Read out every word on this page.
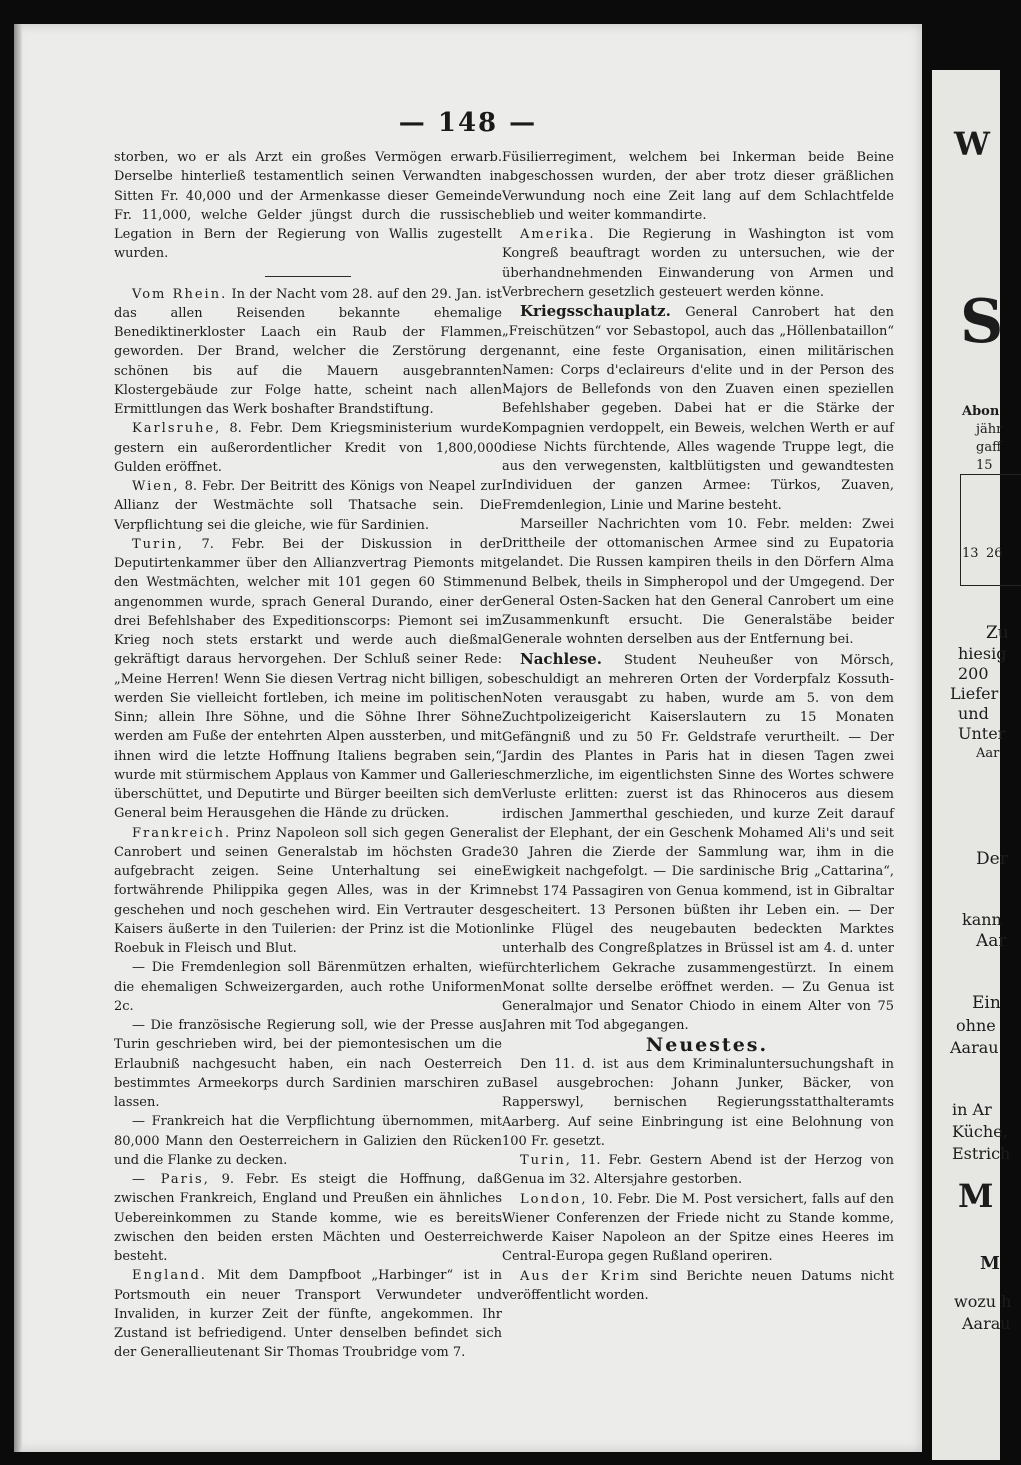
— 148 —

storben, wo er als Arzt ein großes Vermögen erwarb. Derselbe hinterließ testamentlich seinen Verwandten in Sitten Fr. 40,000 und der Armenkasse dieser Gemeinde Fr. 11,000, welche Gelder jüngst durch die russische Legation in Bern der Regierung von Wallis zugestellt wurden.

Vom Rhein. In der Nacht vom 28. auf den 29. Jan. ist das allen Reisenden bekannte ehemalige Benediktinerkloster Laach ein Raub der Flammen geworden. Der Brand, welcher die Zerstörung der schönen bis auf die Mauern ausgebrannten Klostergebäude zur Folge hatte, scheint nach allen Ermittlungen das Werk boshafter Brandstiftung.

Karlsruhe, 8. Febr. Dem Kriegsministerium wurde gestern ein außerordentlicher Kredit von 1,800,000 Gulden eröffnet.

Wien, 8. Febr. Der Beitritt des Königs von Neapel zur Allianz der Westmächte soll Thatsache sein. Die Verpflichtung sei die gleiche, wie für Sardinien.

Turin, 7. Febr. Bei der Diskussion in der Deputirtenkammer über den Allianzvertrag Piemonts mit den Westmächten, welcher mit 101 gegen 60 Stimmen angenommen wurde, sprach General Durando, einer der drei Befehlshaber des Expeditionscorps: Piemont sei im Krieg noch stets erstarkt und werde auch dießmal gekräftigt daraus hervorgehen. Der Schluß seiner Rede: „Meine Herren! Wenn Sie diesen Vertrag nicht billigen, so werden Sie vielleicht fortleben, ich meine im politischen Sinn; allein Ihre Söhne, und die Söhne Ihrer Söhne werden am Fuße der entehrten Alpen aussterben, und mit ihnen wird die letzte Hoffnung Italiens begraben sein,“ wurde mit stürmischem Applaus von Kammer und Gallerie überschüttet, und Deputirte und Bürger beeilten sich dem General beim Herausgehen die Hände zu drücken.

Frankreich. Prinz Napoleon soll sich gegen General Canrobert und seinen Generalstab im höchsten Grade aufgebracht zeigen. Seine Unterhaltung sei eine fortwährende Philippika gegen Alles, was in der Krim geschehen und noch geschehen wird. Ein Vertrauter des Kaisers äußerte in den Tuilerien: der Prinz ist die Motion Roebuk in Fleisch und Blut.

— Die Fremdenlegion soll Bärenmützen erhalten, wie die ehemaligen Schweizergarden, auch rothe Uniformen 2c.

— Die französische Regierung soll, wie der Presse aus Turin geschrieben wird, bei der piemontesischen um die Erlaubniß nachgesucht haben, ein nach Oesterreich bestimmtes Armeekorps durch Sardinien marschiren zu lassen.

— Frankreich hat die Verpflichtung übernommen, mit 80,000 Mann den Oesterreichern in Galizien den Rücken und die Flanke zu decken.

— Paris, 9. Febr. Es steigt die Hoffnung, daß zwischen Frankreich, England und Preußen ein ähnliches Uebereinkommen zu Stande komme, wie es bereits zwischen den beiden ersten Mächten und Oesterreich besteht.

England. Mit dem Dampfboot „Harbinger“ ist in Portsmouth ein neuer Transport Verwundeter und Invaliden, in kurzer Zeit der fünfte, angekommen. Ihr Zustand ist befriedigend. Unter denselben befindet sich der Generallieutenant Sir Thomas Troubridge vom 7.

Füsilierregiment, welchem bei Inkerman beide Beine abgeschossen wurden, der aber trotz dieser gräßlichen Verwundung noch eine Zeit lang auf dem Schlachtfelde blieb und weiter kommandirte.

Amerika. Die Regierung in Washington ist vom Kongreß beauftragt worden zu untersuchen, wie der überhandnehmenden Einwanderung von Armen und Verbrechern gesetzlich gesteuert werden könne.

Kriegsschauplatz. General Canrobert hat den „Freischützen“ vor Sebastopol, auch das „Höllenbataillon“ genannt, eine feste Organisation, einen militärischen Namen: Corps d'eclaireurs d'elite und in der Person des Majors de Bellefonds von den Zuaven einen speziellen Befehlshaber gegeben. Dabei hat er die Stärke der Kompagnien verdoppelt, ein Beweis, welchen Werth er auf diese Nichts fürchtende, Alles wagende Truppe legt, die aus den verwegensten, kaltblütigsten und gewandtesten Individuen der ganzen Armee: Türkos, Zuaven, Fremdenlegion, Linie und Marine besteht.

Marseiller Nachrichten vom 10. Febr. melden: Zwei Drittheile der ottomanischen Armee sind zu Eupatoria gelandet. Die Russen kampiren theils in den Dörfern Alma und Belbek, theils in Simpheropol und der Umgegend. Der General Osten-Sacken hat den General Canrobert um eine Zusammenkunft ersucht. Die Generalstäbe beider Generale wohnten derselben aus der Entfernung bei.

Nachlese. Student Neuheußer von Mörsch, beschuldigt an mehreren Orten der Vorderpfalz Kossuth-Noten verausgabt zu haben, wurde am 5. von dem Zuchtpolizeigericht Kaiserslautern zu 15 Monaten Gefängniß und zu 50 Fr. Geldstrafe verurtheilt. — Der Jardin des Plantes in Paris hat in diesen Tagen zwei schmerzliche, im eigentlichsten Sinne des Wortes schwere Verluste erlitten: zuerst ist das Rhinoceros aus diesem irdischen Jammerthal geschieden, und kurze Zeit darauf ist der Elephant, der ein Geschenk Mohamed Ali's und seit 30 Jahren die Zierde der Sammlung war, ihm in die Ewigkeit nachgefolgt. — Die sardinische Brig „Cattarina“, nebst 174 Passagiren von Genua kommend, ist in Gibraltar gescheitert. 13 Personen büßten ihr Leben ein. — Der linke Flügel des neugebauten bedeckten Marktes unterhalb des Congreßplatzes in Brüssel ist am 4. d. unter fürchterlichem Gekrache zusammengestürzt. In einem Monat sollte derselbe eröffnet werden. — Zu Genua ist Generalmajor und Senator Chiodo in einem Alter von 75 Jahren mit Tod abgegangen.

Neuestes.

Den 11. d. ist aus dem Kriminaluntersuchungshaft in Basel ausgebrochen: Johann Junker, Bäcker, von Rapperswyl, bernischen Regierungsstatthalteramts Aarberg. Auf seine Einbringung ist eine Belohnung von 100 Fr. gesetzt.

Turin, 11. Febr. Gestern Abend ist der Herzog von Genua im 32. Altersjahre gestorben.

London, 10. Febr. Die M. Post versichert, falls auf den Wiener Conferenzen der Friede nicht zu Stande komme, werde Kaiser Napoleon an der Spitze eines Heeres im Central-Europa gegen Rußland operiren.

Aus der Krim sind Berichte neuen Datums nicht veröffentlicht worden.

W
S
Abon
jähr
gaff
15
13 26
Zu
hiesig
200
Liefer
und
Unter
Aar
Der
kann
Aar
Ein
ohne
Aarau
in Ar
Küche,
Estrich
M
M
wozu h
Aarau
